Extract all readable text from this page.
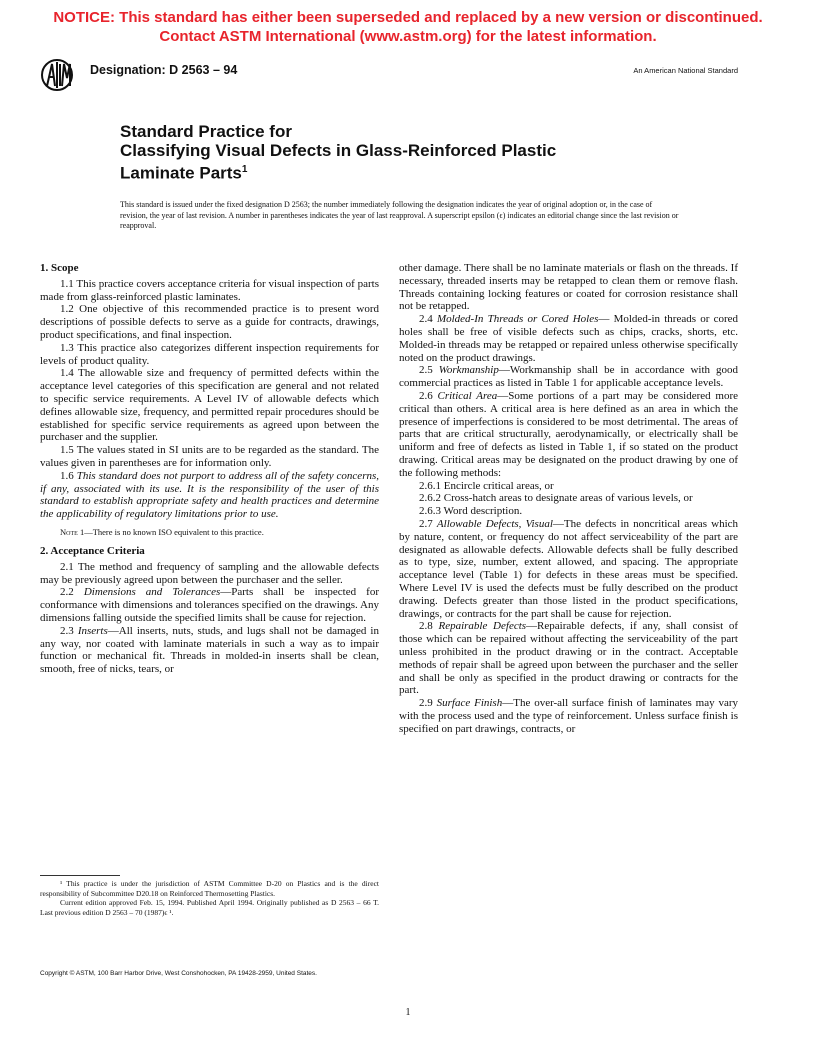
NOTICE: This standard has either been superseded and replaced by a new version or discontinued.
Contact ASTM International (www.astm.org) for the latest information.
Designation: D 2563 – 94	An American National Standard
Standard Practice for
Classifying Visual Defects in Glass-Reinforced Plastic
Laminate Parts$^1$
This standard is issued under the fixed designation D 2563; the number immediately following the designation indicates the year of original adoption or, in the case of revision, the year of last revision. A number in parentheses indicates the year of last reapproval. A superscript epsilon (ϵ) indicates an editorial change since the last revision or reapproval.
1. Scope

1.1 This practice covers acceptance criteria for visual inspection of parts made from glass-reinforced plastic laminates.

1.2 One objective of this recommended practice is to present word descriptions of possible defects to serve as a guide for contracts, drawings, product specifications, and final inspection.

1.3 This practice also categorizes different inspection requirements for levels of product quality.

1.4 The allowable size and frequency of permitted defects within the acceptance level categories of this specification are general and not related to specific service requirements. A Level IV of allowable defects which defines allowable size, frequency, and permitted repair procedures should be established for specific service requirements as agreed upon between the purchaser and the supplier.

1.5 The values stated in SI units are to be regarded as the standard. The values given in parentheses are for information only.

1.6 This standard does not purport to address all of the safety concerns, if any, associated with its use. It is the responsibility of the user of this standard to establish appropriate safety and health practices and determine the applicability of regulatory limitations prior to use.

Note 1—There is no known ISO equivalent to this practice.

2. Acceptance Criteria

2.1 The method and frequency of sampling and the allowable defects may be previously agreed upon between the purchaser and the seller.

2.2 Dimensions and Tolerances—Parts shall be inspected for conformance with dimensions and tolerances specified on the drawings. Any dimensions falling outside the specified limits shall be cause for rejection.

2.3 Inserts—All inserts, nuts, studs, and lugs shall not be damaged in any way, nor coated with laminate materials in such a way as to impair function or mechanical fit. Threads in molded-in inserts shall be clean, smooth, free of nicks, tears, or

other damage. There shall be no laminate materials or flash on the threads. If necessary, threaded inserts may be retapped to clean them or remove flash. Threads containing locking features or coated for corrosion resistance shall not be retapped.

2.4 Molded-In Threads or Cored Holes— Molded-in threads or cored holes shall be free of visible defects such as chips, cracks, shorts, etc. Molded-in threads may be retapped or repaired unless otherwise specifically noted on the product drawings.

2.5 Workmanship—Workmanship shall be in accordance with good commercial practices as listed in Table 1 for applicable acceptance levels.

2.6 Critical Area—Some portions of a part may be considered more critical than others. A critical area is here defined as an area in which the presence of imperfections is considered to be most detrimental. The areas of parts that are critical structurally, aerodynamically, or electrically shall be uniform and free of defects as listed in Table 1, if so stated on the product drawing. Critical areas may be designated on the product drawing by one of the following methods:

2.6.1 Encircle critical areas, or

2.6.2 Cross-hatch areas to designate areas of various levels, or

2.6.3 Word description.

2.7 Allowable Defects, Visual—The defects in noncritical areas which by nature, content, or frequency do not affect serviceability of the part are designated as allowable defects. Allowable defects shall be fully described as to type, size, number, extent allowed, and spacing. The appropriate acceptance level (Table 1) for defects in these areas must be specified. Where Level IV is used the defects must be fully described on the product drawing. Defects greater than those listed in the product specifications, drawings, or contracts for the part shall be cause for rejection.

2.8 Repairable Defects—Repairable defects, if any, shall consist of those which can be repaired without affecting the serviceability of the part unless prohibited in the product drawing or in the contract. Acceptable methods of repair shall be agreed upon between the purchaser and the seller and shall be only as specified in the product drawing or contracts for the part.

2.9 Surface Finish—The over-all surface finish of laminates may vary with the process used and the type of reinforcement. Unless surface finish is specified on part drawings, contracts, or

¹ This practice is under the jurisdiction of ASTM Committee D-20 on Plastics and is the direct responsibility of Subcommittee D20.18 on Reinforced Thermosetting Plastics.

Current edition approved Feb. 15, 1994. Published April 1994. Originally published as D 2563 – 66 T. Last previous edition D 2563 – 70 (1987)ϵ ¹.

Copyright © ASTM, 100 Barr Harbor Drive, West Conshohocken, PA 19428-2959, United States.
1
